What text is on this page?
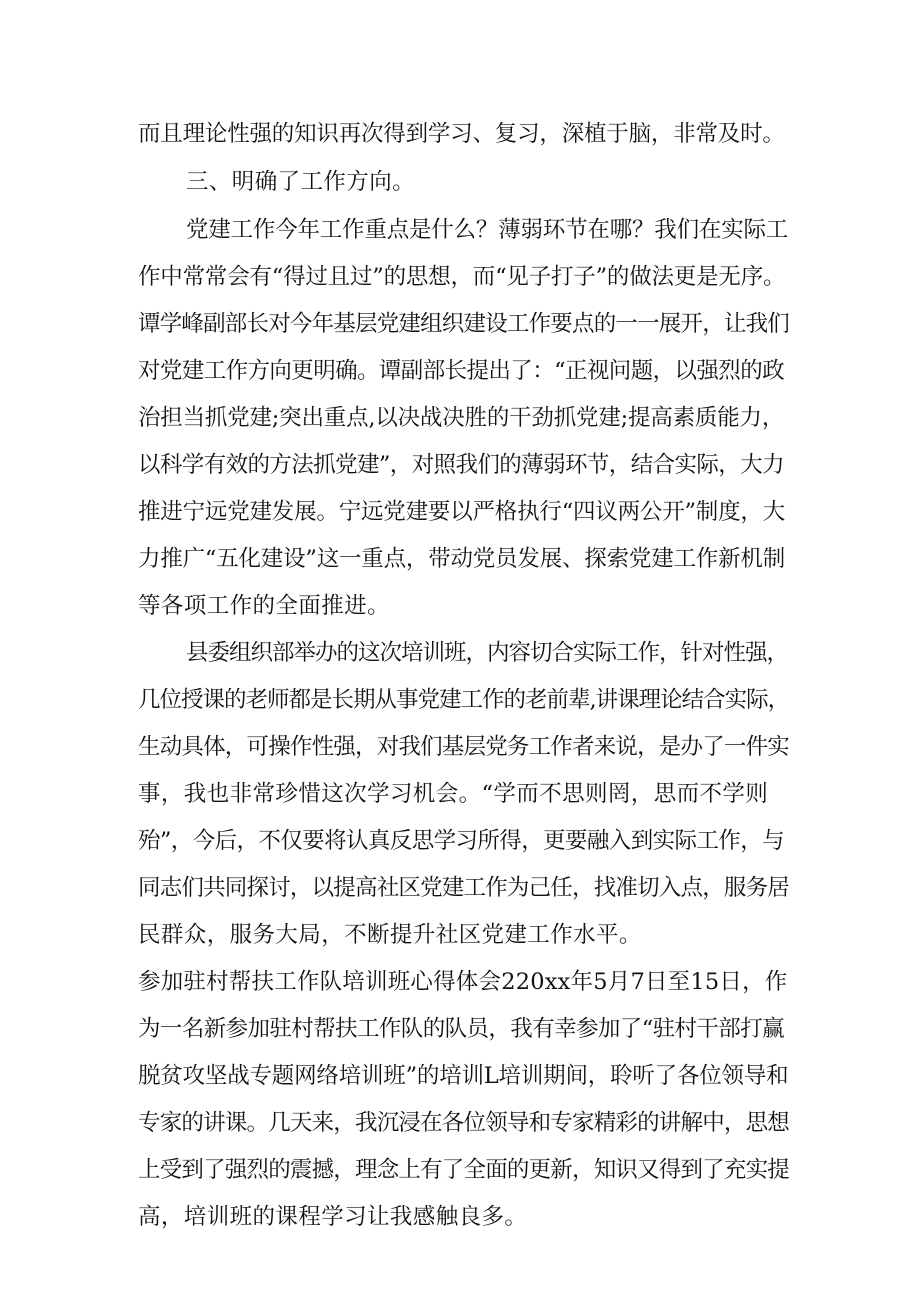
而且理论性强的知识再次得到学习、复习，深植于脑，非常及时。

三、明确了工作方向。

党建工作今年工作重点是什么？薄弱环节在哪？我们在实际工

作中常常会有“得过且过”的思想，而“见子打子”的做法更是无序。

谭学峰副部长对今年基层党建组织建设工作要点的一一展开，让我们

对党建工作方向更明确。谭副部长提出了：“正视问题，以强烈的政

治担当抓党建;突出重点,以决战决胜的干劲抓党建;提高素质能力，

以科学有效的方法抓党建”，对照我们的薄弱环节，结合实际，大力

推进宁远党建发展。宁远党建要以严格执行“四议两公开”制度，大

力推广“五化建设”这一重点，带动党员发展、探索党建工作新机制

等各项工作的全面推进。

县委组织部举办的这次培训班，内容切合实际工作，针对性强，

几位授课的老师都是长期从事党建工作的老前辈,讲课理论结合实际，

生动具体，可操作性强，对我们基层党务工作者来说，是办了一件实

事，我也非常珍惜这次学习机会。“学而不思则罔，思而不学则

殆”，今后，不仅要将认真反思学习所得，更要融入到实际工作，与

同志们共同探讨，以提高社区党建工作为己任，找准切入点，服务居

民群众，服务大局，不断提升社区党建工作水平。

参加驻村帮扶工作队培训班心得体会220xx年5月7日至15日，作

为一名新参加驻村帮扶工作队的队员，我有幸参加了“驻村干部打赢

脱贫攻坚战专题网络培训班”的培训L培训期间，聆听了各位领导和

专家的讲课。几天来，我沉浸在各位领导和专家精彩的讲解中，思想

上受到了强烈的震撼，理念上有了全面的更新，知识又得到了充实提

高，培训班的课程学习让我感触良多。
